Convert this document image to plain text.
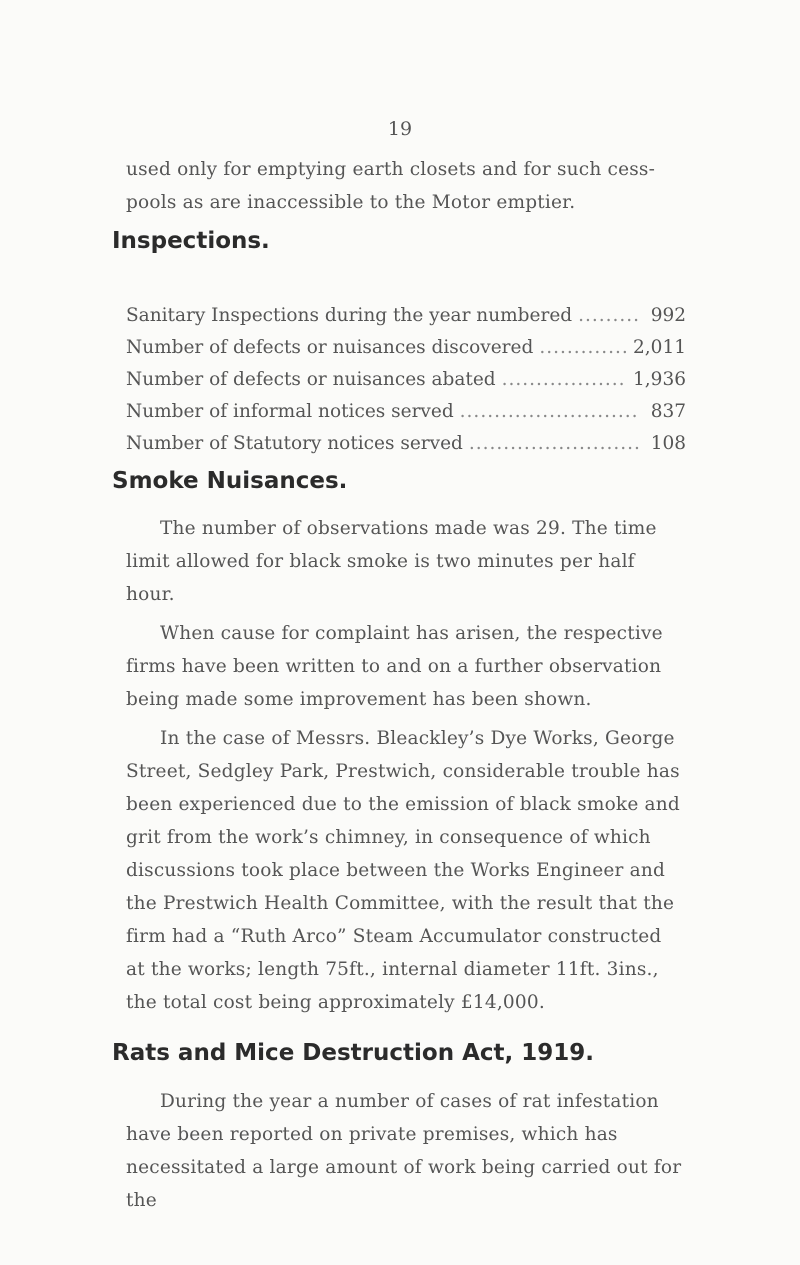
19

used only for emptying earth closets and for such cess-pools as are inaccessible to the Motor emptier.

Inspections.
Sanitary Inspections during the year numbered .....	992
Number of defects or nuisances discovered .....	2,011
Number of defects or nuisances abated .....	1,936
Number of informal notices served .....	837
Number of Statutory notices served .....	108
Smoke Nuisances.

The number of observations made was 29. The time limit allowed for black smoke is two minutes per half hour.

When cause for complaint has arisen, the respective firms have been written to and on a further observation being made some improvement has been shown.

In the case of Messrs. Bleackley’s Dye Works, George Street, Sedgley Park, Prestwich, considerable trouble has been experienced due to the emission of black smoke and grit from the work’s chimney, in consequence of which discussions took place between the Works Engineer and the Prestwich Health Committee, with the result that the firm had a “Ruth Arco” Steam Accumulator constructed at the works; length 75ft., internal diameter 11ft. 3ins., the total cost being approximately £14,000.

Rats and Mice Destruction Act, 1919.

During the year a number of cases of rat infestation have been reported on private premises, which has necessitated a large amount of work being carried out for the
